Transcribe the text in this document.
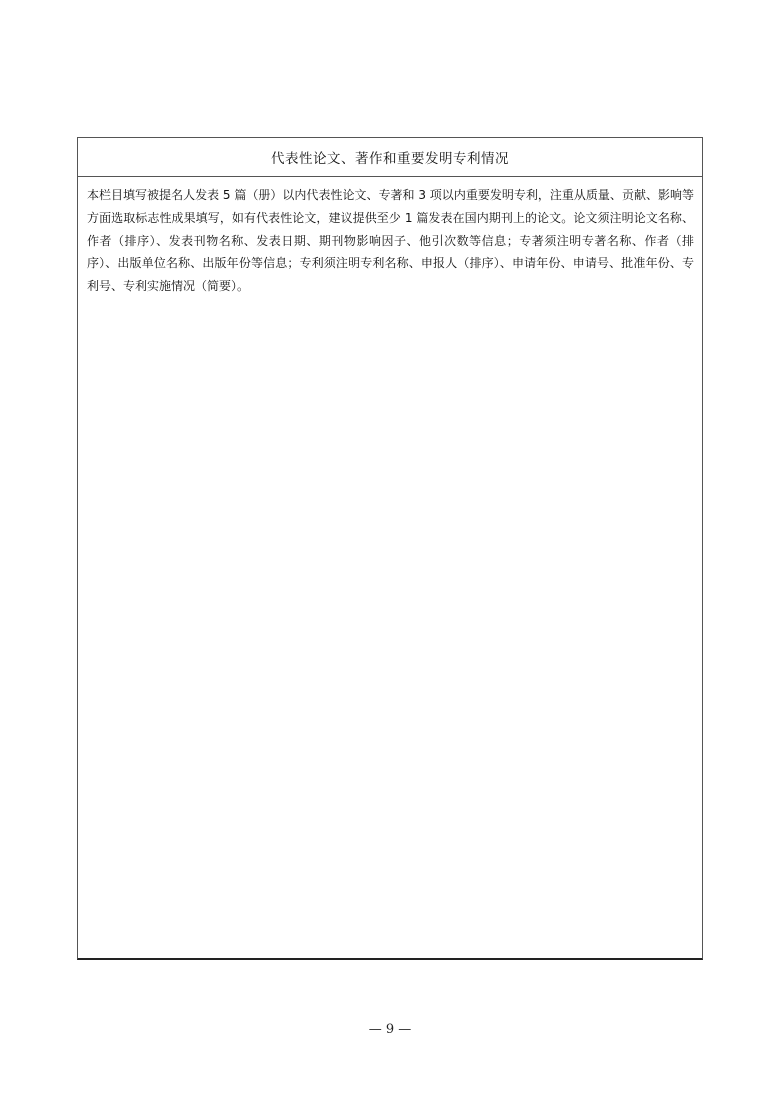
代表性论文、著作和重要发明专利情况

本栏目填写被提名人发表 5 篇（册）以内代表性论文、专著和 3 项以内重要发明专利，注重从质量、贡献、影响等方面选取标志性成果填写，如有代表性论文，建议提供至少 1 篇发表在国内期刊上的论文。论文须注明论文名称、作者（排序）、发表刊物名称、发表日期、期刊物影响因子、他引次数等信息；专著须注明专著名称、作者（排序）、出版单位名称、出版年份等信息；专利须注明专利名称、申报人（排序）、申请年份、申请号、批准年份、专利号、专利实施情况（简要）。

— 9 —
